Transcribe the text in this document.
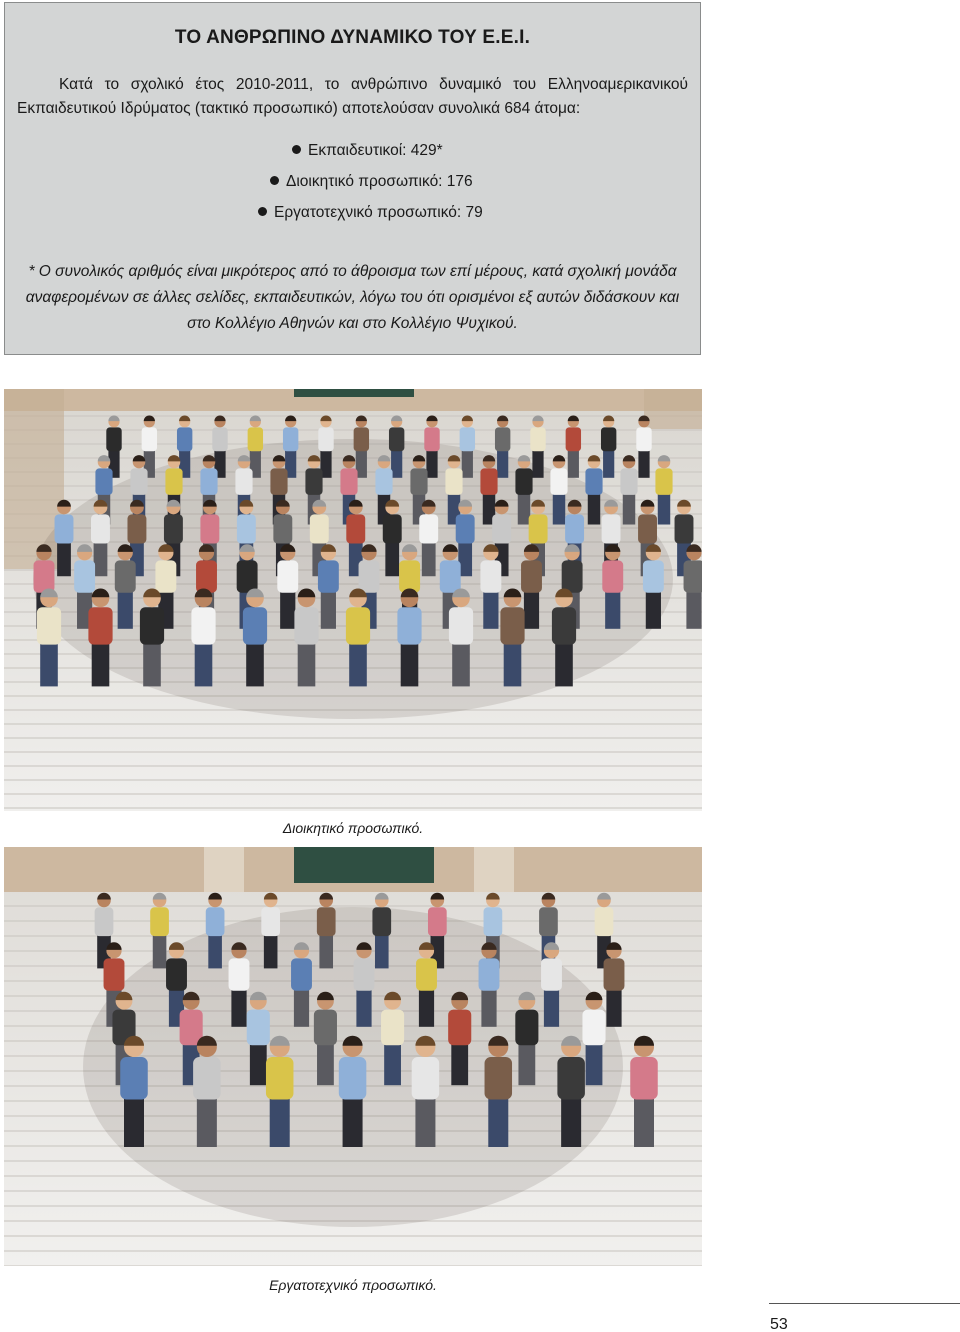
ΤΟ ΑΝΘΡΩΠΙΝΟ ΔΥΝΑΜΙΚΟ ΤΟΥ Ε.Ε.Ι.
Κατά το σχολικό έτος 2010-2011, το ανθρώπινο δυναμικό του Ελληνοαμερικανικού Εκπαιδευτικού Ιδρύματος (τακτικό προσωπικό) αποτελούσαν συνολικά 684 άτομα:
Εκπαιδευτικοί: 429*
Διοικητικό προσωπικό: 176
Εργατοτεχνικό προσωπικό: 79
* Ο συνολικός αριθμός είναι μικρότερος από το άθροισμα των επί μέρους, κατά σχολική μονάδα αναφερομένων σε άλλες σελίδες, εκπαιδευτικών, λόγω του ότι ορισμένοι εξ αυτών διδάσκουν και στο Κολλέγιο Αθηνών και στο Κολλέγιο Ψυχικού.
Διοικητικό προσωπικό.
Εργατοτεχνικό προσωπικό.
53
